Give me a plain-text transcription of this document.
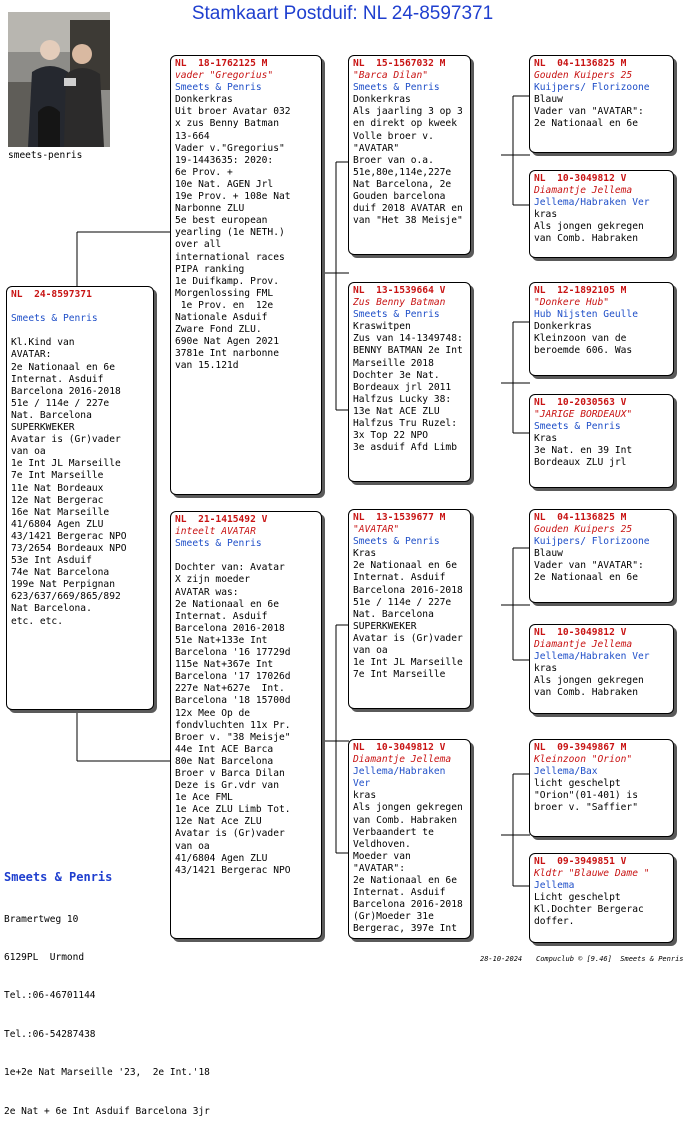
Stamkaart Postduif: NL 24-8597371
smeets-penris
NL  24-8597371
Smeets & Penris
Kl.Kind van
AVATAR:
2e Nationaal en 6e
Internat. Asduif
Barcelona 2016-2018
51e / 114e / 227e
Nat. Barcelona
SUPERKWEKER
Avatar is (Gr)vader
van oa
1e Int JL Marseille
7e Int Marseille
11e Nat Bordeaux
12e Nat Bergerac
16e Nat Marseille
41/6804 Agen ZLU
43/1421 Bergerac NPO
73/2654 Bordeaux NPO
53e Int Asduif
74e Nat Barcelona
199e Nat Perpignan
623/637/669/865/892
Nat Barcelona.
etc. etc.
NL  18-1762125 M
vader "Gregorius"
Smeets & Penris
Donkerkras
Uit broer Avatar 032
x zus Benny Batman
13-664
Vader v."Gregorius"
19-1443635: 2020:
6e Prov. +
10e Nat. AGEN Jrl
19e Prov. + 108e Nat
Narbonne ZLU
5e best european
yearling (1e NETH.)
over all
international races
PIPA ranking
1e Duifkamp. Prov.
Morgenlossing FML
1e Prov. en  12e
Nationale Asduif
Zware Fond ZLU.
690e Nat Agen 2021
3781e Int narbonne
van 15.121d
NL  21-1415492 V
inteelt AVATAR
Smeets & Penris

Dochter van: Avatar
X zijn moeder
AVATAR was:
2e Nationaal en 6e
Internat. Asduif
Barcelona 2016-2018
51e Nat+133e Int
Barcelona '16 17729d
115e Nat+367e Int
Barcelona '17 17026d
227e Nat+627e  Int.
Barcelona '18 15700d
12x Mee Op de
fondvluchten 11x Pr.
Broer v. "38 Meisje"
44e Int ACE Barca
80e Nat Barcelona
Broer v Barca Dilan
Deze is Gr.vdr van
1e Ace FML
1e Ace ZLU Limb Tot.
12e Nat Ace ZLU
Avatar is (Gr)vader
van oa
41/6804 Agen ZLU
43/1421 Bergerac NPO
NL  15-1567032 M
"Barca Dilan"
Smeets & Penris
Donkerkras
Als jaarling 3 op 3
en direkt op kweek
Volle broer v.
"AVATAR"
Broer van o.a.
51e,80e,114e,227e
Nat Barcelona, 2e
Gouden barcelona
duif 2018 AVATAR en
van "Het 38 Meisje"
NL  13-1539664 V
Zus Benny Batman
Smeets & Penris
Kraswitpen
Zus van 14-1349748:
BENNY BATMAN 2e Int
Marseille 2018
Dochter 3e Nat.
Bordeaux jrl 2011
Halfzus Lucky 38:
13e Nat ACE ZLU
Halfzus Tru Ruzel:
3x Top 22 NPO
3e asduif Afd Limb
NL  13-1539677 M
"AVATAR"
Smeets & Penris
Kras
2e Nationaal en 6e
Internat. Asduif
Barcelona 2016-2018
51e / 114e / 227e
Nat. Barcelona
SUPERKWEKER
Avatar is (Gr)vader
van oa
1e Int JL Marseille
7e Int Marseille
NL  10-3049812 V
Diamantje Jellema
Jellema/Habraken Ver
kras
Als jongen gekregen
van Comb. Habraken
Verbaandert te
Veldhoven.
Moeder van "AVATAR":
2e Nationaal en 6e
Internat. Asduif
Barcelona 2016-2018
(Gr)Moeder 31e
Bergerac, 397e Int
NL  04-1136825 M
Gouden Kuipers 25
Kuijpers/ Florizoone
Blauw
Vader van "AVATAR":
2e Nationaal en 6e
NL  10-3049812 V
Diamantje Jellema
Jellema/Habraken Ver
kras
Als jongen gekregen
van Comb. Habraken
NL  12-1892105 M
"Donkere Hub"
Hub Nijsten Geulle
Donkerkras
Kleinzoon van de
beroemde 606. Was
NL  10-2030563 V
"JARIGE BORDEAUX"
Smeets & Penris
Kras
3e Nat. en 39 Int
Bordeaux ZLU jrl
NL  04-1136825 M
Gouden Kuipers 25
Kuijpers/ Florizoone
Blauw
Vader van "AVATAR":
2e Nationaal en 6e
NL  10-3049812 V
Diamantje Jellema
Jellema/Habraken Ver
kras
Als jongen gekregen
van Comb. Habraken
NL  09-3949867 M
Kleinzoon "Orion"
Jellema/Bax
licht geschelpt
"Orion"(01-401) is
broer v. "Saffier"
NL  09-3949851 V
Kldtr "Blauwe Dame "
Jellema
Licht geschelpt
Kl.Dochter Bergerac
doffer.
Smeets & Penris

Bramertweg 10

6129PL  Urmond

Tel.:06-46701144

Tel.:06-54287438

1e+2e Nat Marseille '23,  2e Int.'18

2e Nat + 6e Int Asduif Barcelona 3jr

28-10-2024 Compuclub © [9.46]  Smeets & Penris
